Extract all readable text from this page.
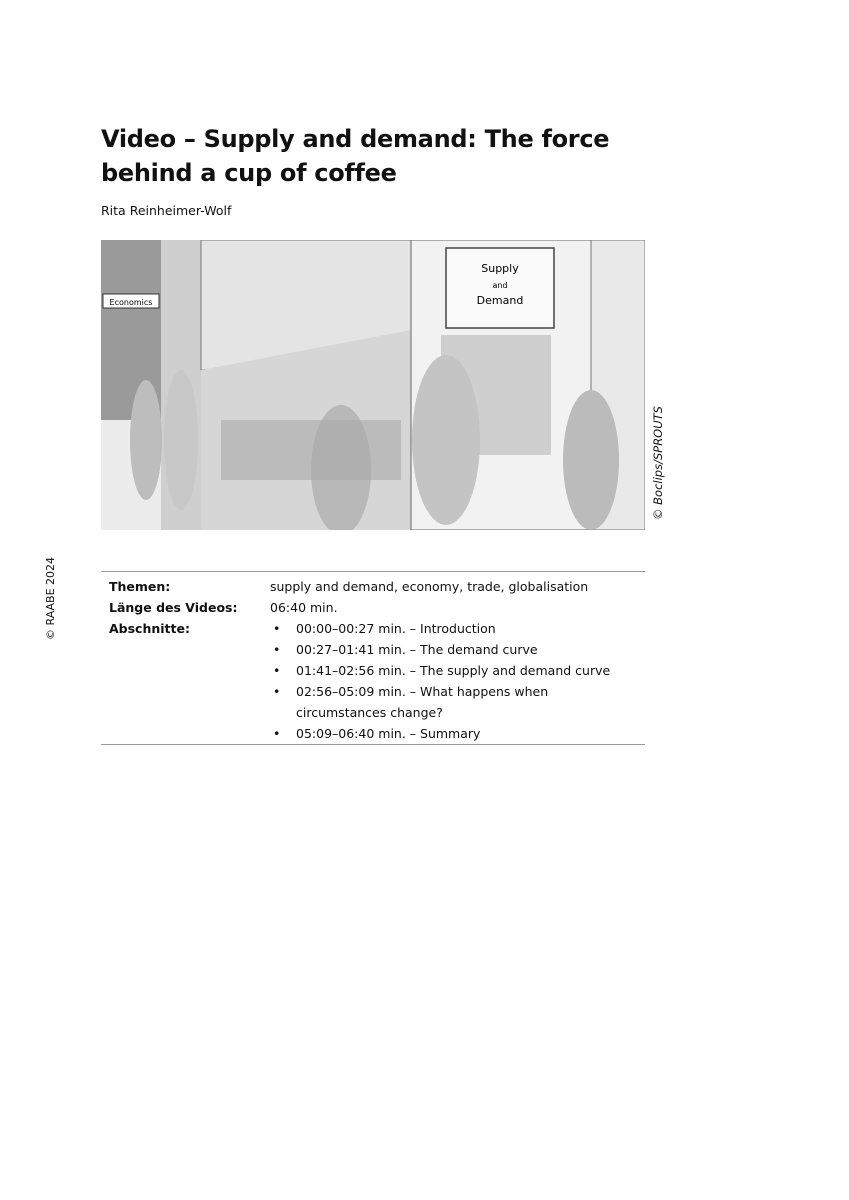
Video – Supply and demand: The force behind a cup of coffee
Rita Reinheimer-Wolf
Supply
and
Demand
Economics
© Boclips/SPROUTS
© RAABE 2024	Themen:	supply and demand, economy, trade, globalisation
Länge des Videos:	06:40 min.
Abschnitte:	• 00:00–00:27 min. – Introduction
• 00:27–01:41 min. – The demand curve
• 01:41–02:56 min. – The supply and demand curve
• 02:56–05:09 min. – What happens when circumstances change?
• 05:09–06:40 min. – Summary
